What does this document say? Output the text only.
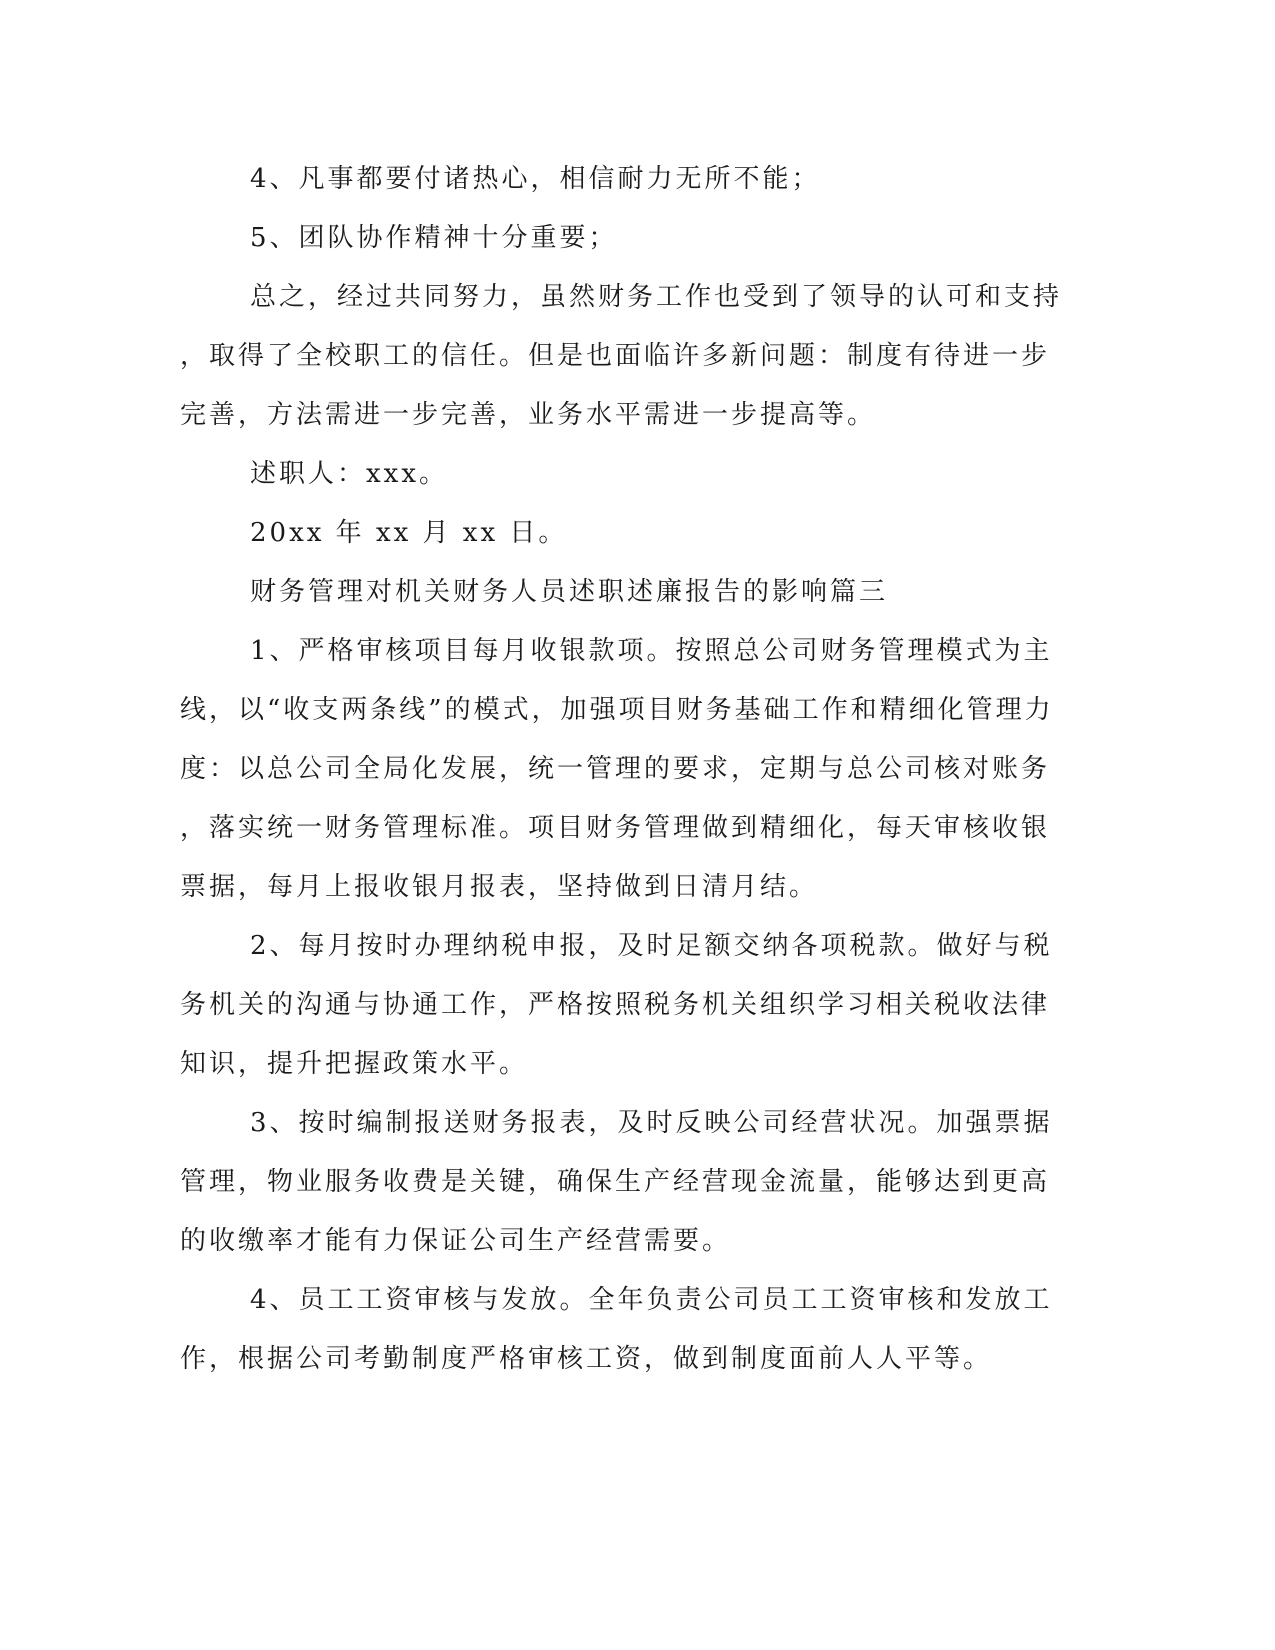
4、凡事都要付诸热心，相信耐力无所不能；
5、团队协作精神十分重要；
总之，经过共同努力，虽然财务工作也受到了领导的认可和支持
，取得了全校职工的信任。但是也面临许多新问题：制度有待进一步
完善，方法需进一步完善，业务水平需进一步提高等。
述职人：xxx。
20xx 年 xx 月 xx 日。
财务管理对机关财务人员述职述廉报告的影响篇三
1、严格审核项目每月收银款项。按照总公司财务管理模式为主
线，以“收支两条线”的模式，加强项目财务基础工作和精细化管理力
度：以总公司全局化发展，统一管理的要求，定期与总公司核对账务
，落实统一财务管理标准。项目财务管理做到精细化，每天审核收银
票据，每月上报收银月报表，坚持做到日清月结。
2、每月按时办理纳税申报，及时足额交纳各项税款。做好与税
务机关的沟通与协通工作，严格按照税务机关组织学习相关税收法律
知识，提升把握政策水平。
3、按时编制报送财务报表，及时反映公司经营状况。加强票据
管理，物业服务收费是关键，确保生产经营现金流量，能够达到更高
的收缴率才能有力保证公司生产经营需要。
4、员工工资审核与发放。全年负责公司员工工资审核和发放工
作，根据公司考勤制度严格审核工资，做到制度面前人人平等。
